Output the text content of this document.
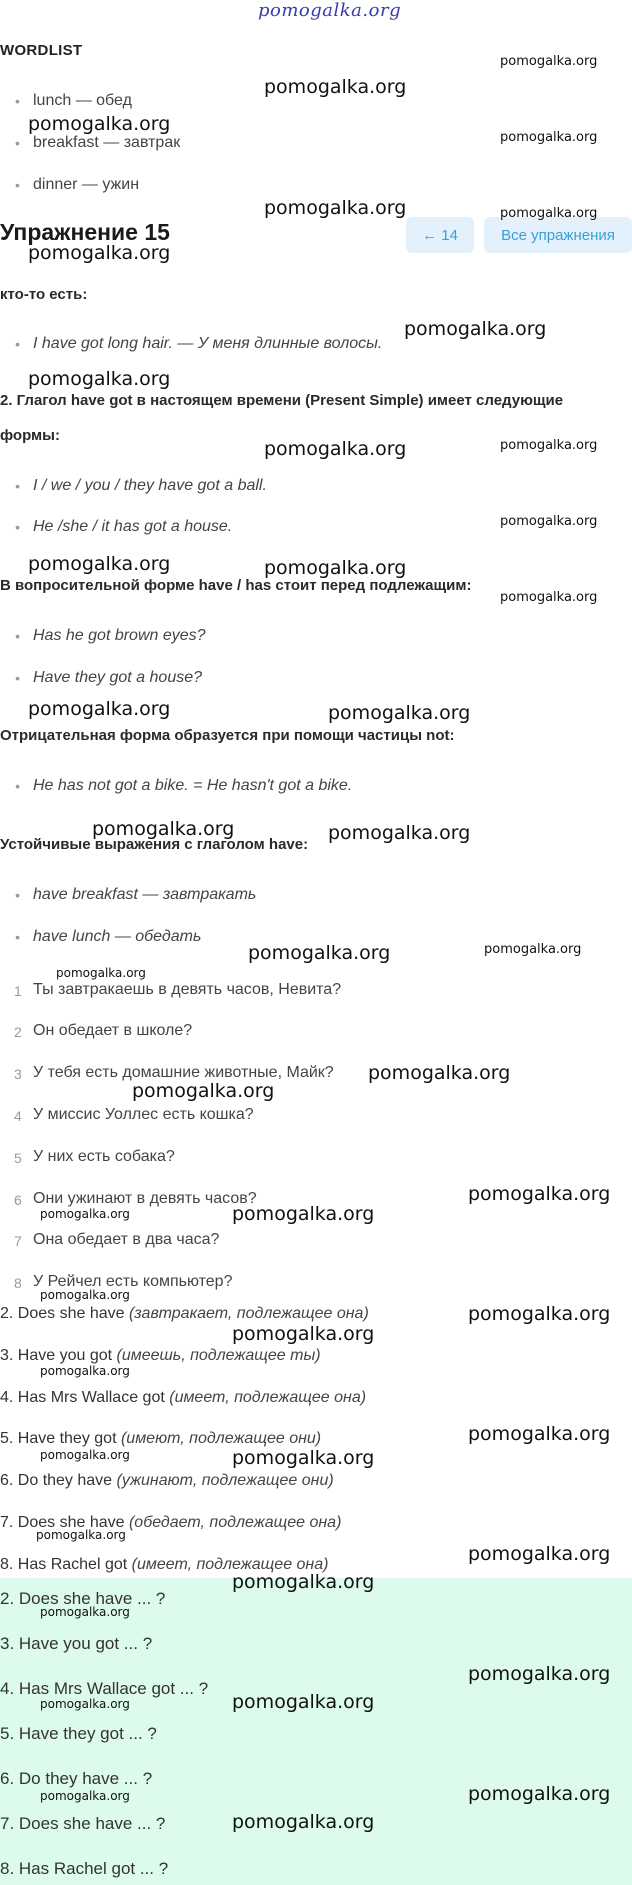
pomogalka.org
WORDLIST
• lunch — обед
• breakfast — завтрак
• dinner — ужин
Упражнение 15	← 14	Все упражнения
кто-то есть:
• I have got long hair. — У меня длинные волосы.
2. Глагол have got в настоящем времени (Present Simple) имеет следующие
формы:
• I / we / you / they have got a ball.
• He /she / it has got a house.
В вопросительной форме have / has стоит перед подлежащим:
• Has he got brown eyes?
• Have they got a house?
Отрицательная форма образуется при помощи частицы not:
• He has not got a bike. = He hasn't got a bike.
Устойчивые выражения с глаголом have:
• have breakfast — завтракать
• have lunch — обедать
1 Ты завтракаешь в девять часов, Невита?
2 Он обедает в школе?
3 У тебя есть домашние животные, Майк?
4 У миссис Уоллес есть кошка?
5 У них есть собака?
6 Они ужинают в девять часов?
7 Она обедает в два часа?
8 У Рейчел есть компьютер?
2. Does she have (завтракает, подлежащее она)
3. Have you got (имеешь, подлежащее ты)
4. Has Mrs Wallace got (имеет, подлежащее она)
5. Have they got (имеют, подлежащее они)
6. Do they have (ужинают, подлежащее они)
7. Does she have (обедает, подлежащее она)
8. Has Rachel got (имеет, подлежащее она)
2. Does she have ... ?
3. Have you got ... ?
4. Has Mrs Wallace got ... ?
5. Have they got ... ?
6. Do they have ... ?
7. Does she have ... ?
8. Has Rachel got ... ?
pomogalka.org
pomogalka.org
pomogalka.org
pomogalka.org
pomogalka.org	pomogalka.org
pomogalka.org
pomogalka.org
pomogalka.org
pomogalka.org	pomogalka.org
pomogalka.org
pomogalka.org	pomogalka.org
pomogalka.org
pomogalka.org	pomogalka.org
pomogalka.org	pomogalka.org
pomogalka.org	pomogalka.org
pomogalka.org
pomogalka.org
pomogalka.org
pomogalka.org
pomogalka.org	pomogalka.org
pomogalka.org
pomogalka.org
pomogalka.org
pomogalka.org
pomogalka.org
pomogalka.org	pomogalka.org
pomogalka.org
pomogalka.org
pomogalka.org
pomogalka.org
pomogalka.org
pomogalka.org	pomogalka.org
pomogalka.org	pomogalka.org
pomogalka.org
